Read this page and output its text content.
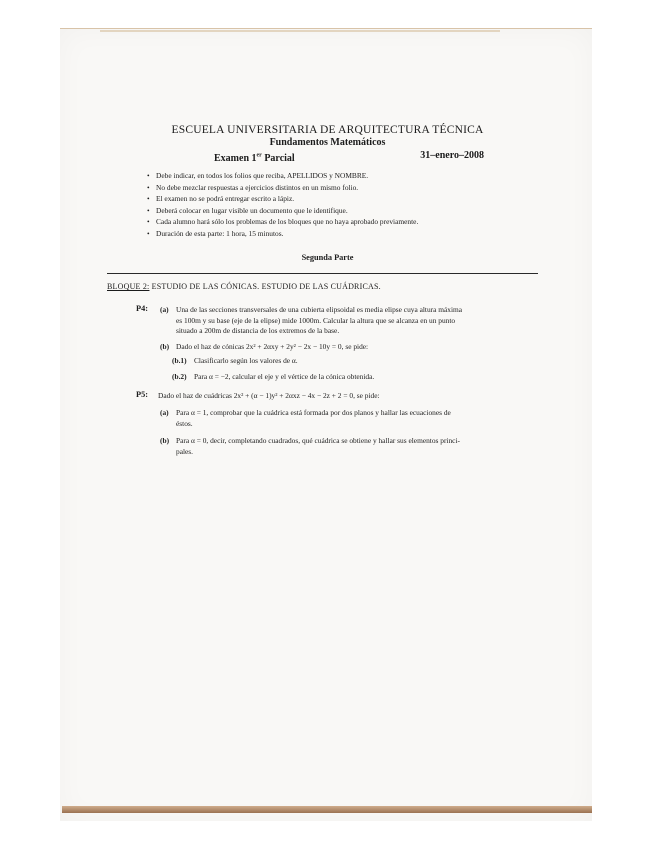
ESCUELA UNIVERSITARIA DE ARQUITECTURA TÉCNICA
Fundamentos Matemáticos
Examen 1er Parcial	31–enero–2008
• Debe indicar, en todos los folios que reciba, APELLIDOS y NOMBRE.
• No debe mezclar respuestas a ejercicios distintos en un mismo folio.
• El examen no se podrá entregar escrito a lápiz.
• Deberá colocar en lugar visible un documento que le identifique.
• Cada alumno hará sólo los problemas de los bloques que no haya aprobado previamente.
• Duración de esta parte: 1 hora, 15 minutos.
Segunda Parte
BLOQUE 2: ESTUDIO DE LAS CÓNICAS. ESTUDIO DE LAS CUÁDRICAS.
P4: (a) Una de las secciones transversales de una cubierta elipsoidal es media elipse cuya altura máxima
es 100m y su base (eje de la elipse) mide 1000m. Calcular la altura que se alcanza en un punto
situado a 200m de distancia de los extremos de la base.
(b) Dado el haz de cónicas 2x² + 2αxy + 2y² − 2x − 10y = 0, se pide:
(b.1) Clasificarlo según los valores de α.
(b.2) Para α = −2, calcular el eje y el vértice de la cónica obtenida.
P5: Dado el haz de cuádricas 2x² + (α − 1)y² + 2αxz − 4x − 2z + 2 = 0, se pide:
(a) Para α = 1, comprobar que la cuádrica está formada por dos planos y hallar las ecuaciones de
éstos.
(b) Para α = 0, decir, completando cuadrados, qué cuádrica se obtiene y hallar sus elementos princi-
pales.
